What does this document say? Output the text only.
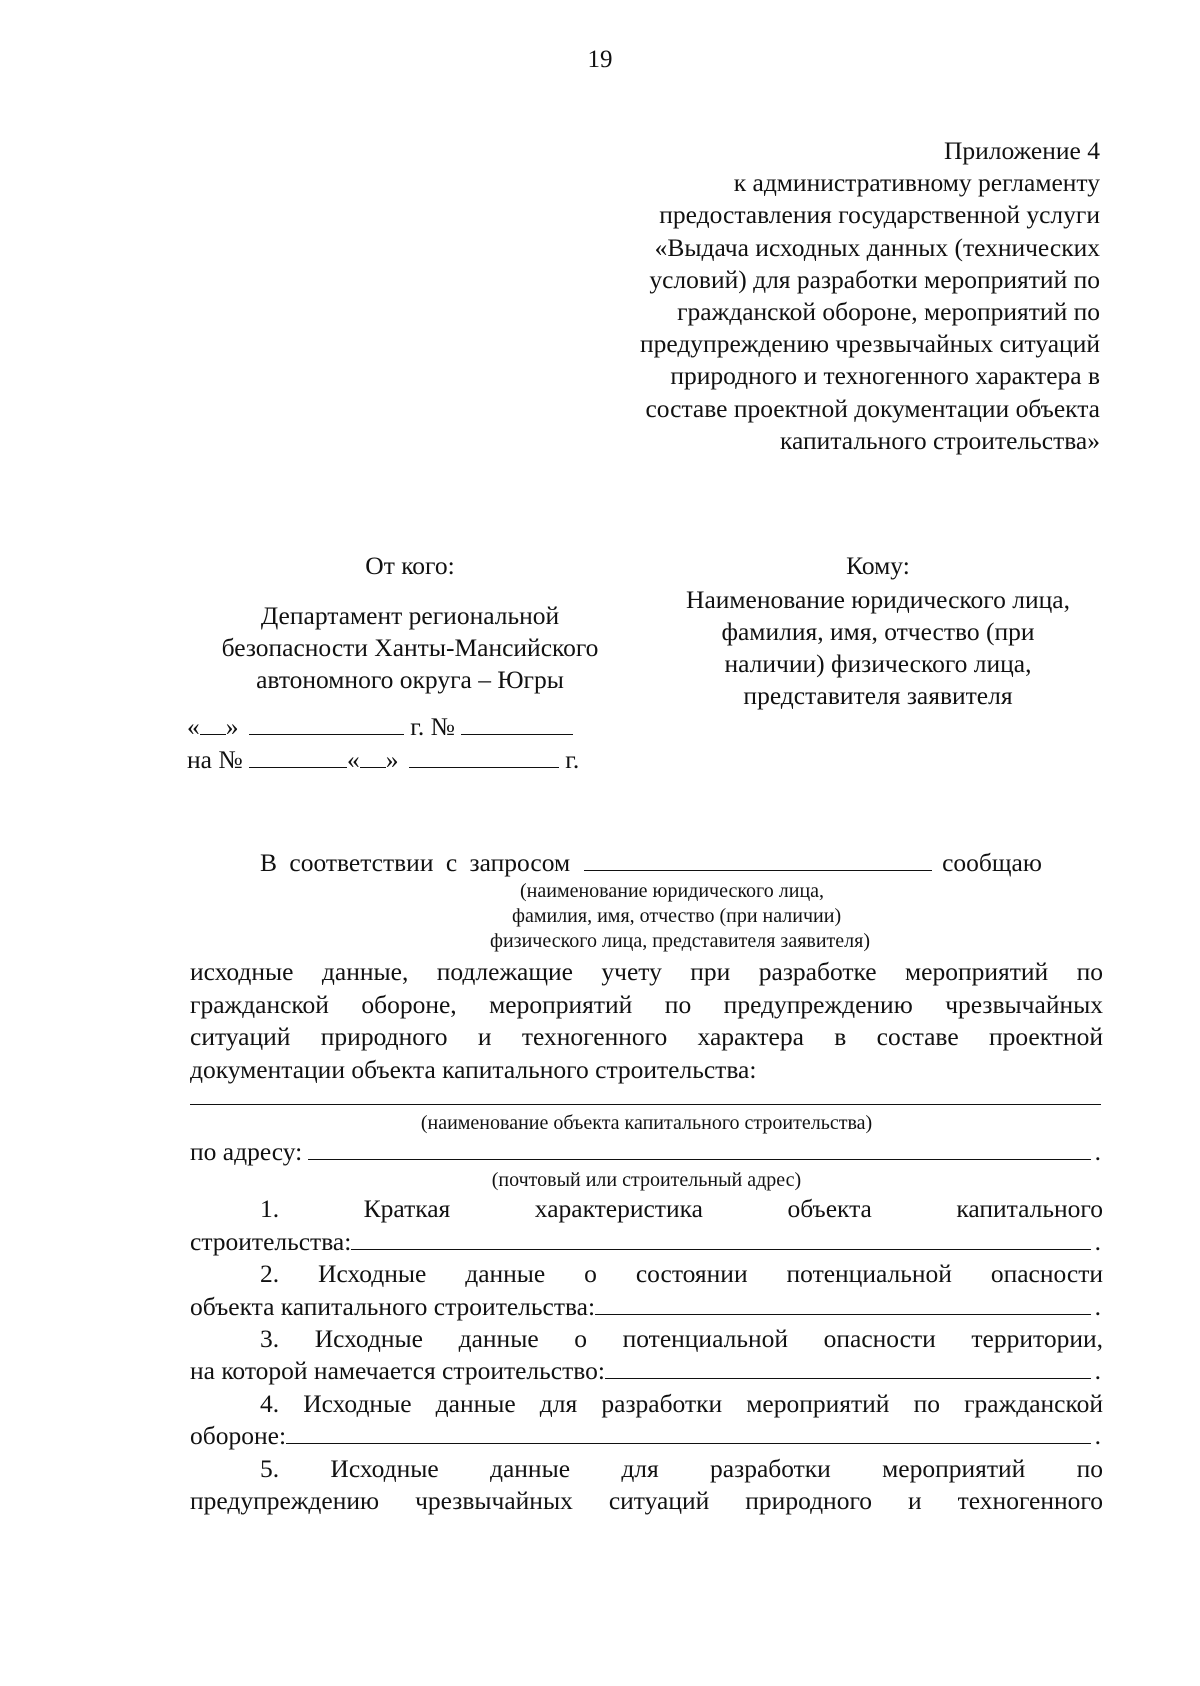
19
Приложение 4
к административному регламенту
предоставления государственной услуги
«Выдача исходных данных (технических
условий) для разработки мероприятий по
гражданской обороне, мероприятий по
предупреждению чрезвычайных ситуаций
природного и техногенного характера в
составе проектной документации объекта
капитального строительства»
От кого:
Департамент региональной
безопасности Ханты-Мансийского
автономного округа – Югры
« »	г. №
на №	« »	г.
Кому:
Наименование юридического лица,
фамилия, имя, отчество (при
наличии) физического лица,
представителя заявителя
В соответствии с запросом	сообщаю
(наименование юридического лица,
фамилия, имя, отчество (при наличии)
физического лица, представителя заявителя)
исходные данные, подлежащие учету при разработке мероприятий по
гражданской обороне, мероприятий по предупреждению чрезвычайных
ситуаций природного и техногенного характера в составе проектной
документации объекта капитального строительства:
(наименование объекта капитального строительства)
по адресу:	.
(почтовый или строительный адрес)
1. Краткая характеристика объекта капитального
строительства:	.
2. Исходные данные о состоянии потенциальной опасности
объекта капитального строительства:	.
3. Исходные данные о потенциальной опасности территории,
на которой намечается строительство:	.
4. Исходные данные для разработки мероприятий по гражданской
обороне:	.
5. Исходные данные для разработки мероприятий по
предупреждению чрезвычайных ситуаций природного и техногенного
